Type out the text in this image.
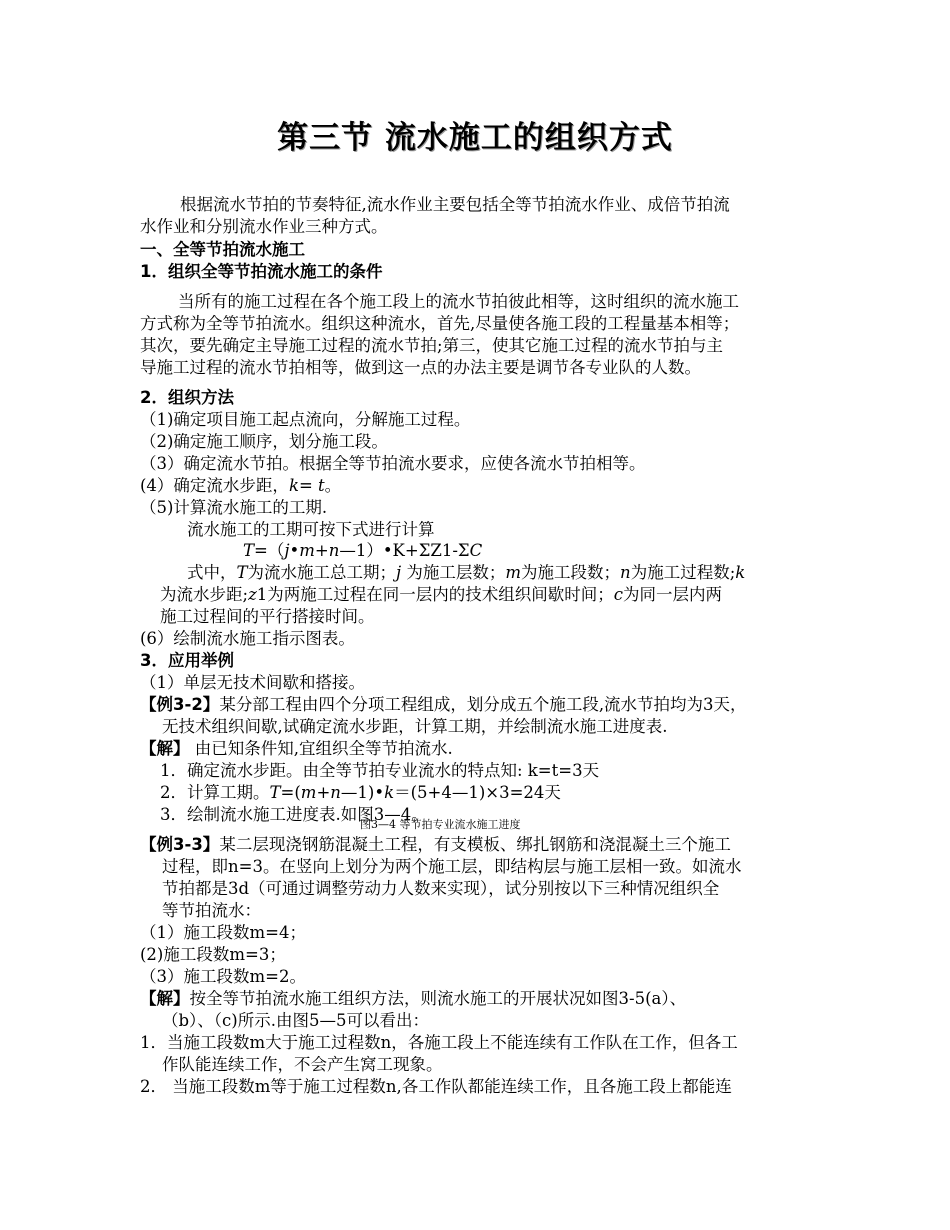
第三节 流水施工的组织方式
根据流水节拍的节奏特征,流水作业主要包括全等节拍流水作业、成倍节拍流
水作业和分别流水作业三种方式。
一、全等节拍流水施工
1．组织全等节拍流水施工的条件
当所有的施工过程在各个施工段上的流水节拍彼此相等，这时组织的流水施工
方式称为全等节拍流水。组织这种流水，首先,尽量使各施工段的工程量基本相等；
其次，要先确定主导施工过程的流水节拍;第三，使其它施工过程的流水节拍与主
导施工过程的流水节拍相等，做到这一点的办法主要是调节各专业队的人数。
2．组织方法
（1)确定项目施工起点流向，分解施工过程。
（2)确定施工顺序，划分施工段。
（3）确定流水节拍。根据全等节拍流水要求，应使各流水节拍相等。
(4）确定流水步距，k= t。
（5)计算流水施工的工期.
流水施工的工期可按下式进行计算
T=（j•m+n—1）•K+ΣZ1-ΣC
式中，T为流水施工总工期；j 为施工层数；m为施工段数；n为施工过程数;k
为流水步距;z1为两施工过程在同一层内的技术组织间歇时间；c为同一层内两
施工过程间的平行搭接时间。
(6）绘制流水施工指示图表。
3．应用举例
（1）单层无技术间歇和搭接。
【例3-2】某分部工程由四个分项工程组成，划分成五个施工段,流水节拍均为3天，
无技术组织间歇,试确定流水步距，计算工期，并绘制流水施工进度表.
【解】 由已知条件知,宜组织全等节拍流水.
1．确定流水步距。由全等节拍专业流水的特点知: k=t=3天
2．计算工期。T=(m+n—1)•k＝(5+4—1)×3=24天
3．绘制流水施工进度表.如图3—4。
图3—4 等节拍专业流水施工进度
【例3-3】某二层现浇钢筋混凝土工程，有支模板、绑扎钢筋和浇混凝土三个施工
过程，即n=3。在竖向上划分为两个施工层，即结构层与施工层相一致。如流水
节拍都是3d（可通过调整劳动力人数来实现），试分别按以下三种情况组织全
等节拍流水：
（1）施工段数m=4；
(2)施工段数m=3；
（3）施工段数m=2。
【解】按全等节拍流水施工组织方法，则流水施工的开展状况如图3-5(a）、
（b）、（c)所示.由图5—5可以看出：
1．当施工段数m大于施工过程数n，各施工段上不能连续有工作队在工作，但各工
作队能连续工作，不会产生窝工现象。
2． 当施工段数m等于施工过程数n,各工作队都能连续工作，且各施工段上都能连
